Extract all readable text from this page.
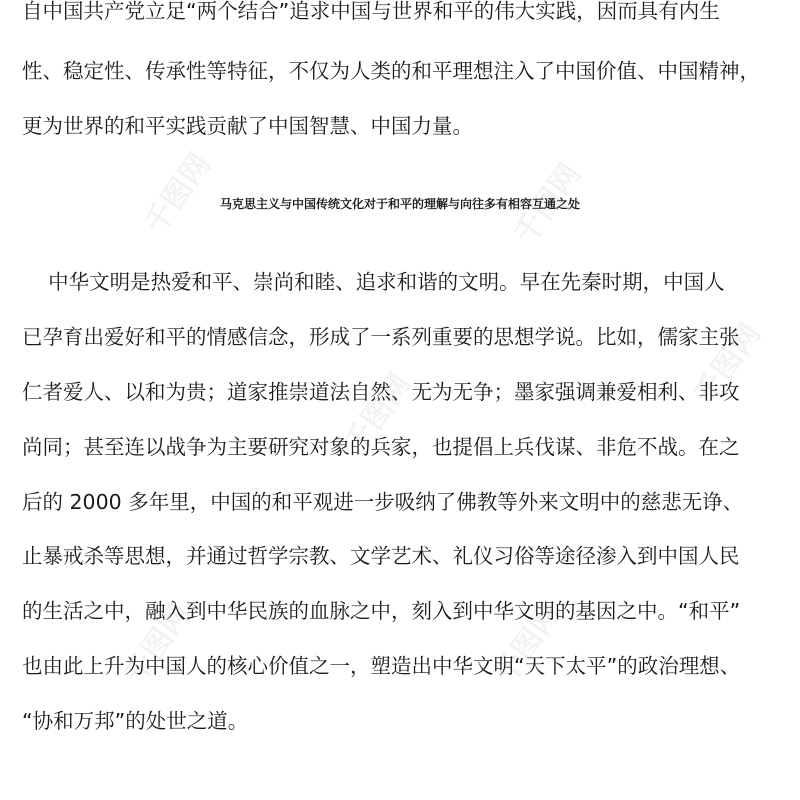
千图网	千图网
千图网
千图网
千图网	千图网
自中国共产党立足“两个结合”追求中国与世界和平的伟大实践，因而具有内生
性、稳定性、传承性等特征，不仅为人类的和平理想注入了中国价值、中国精神，
更为世界的和平实践贡献了中国智慧、中国力量。
马克思主义与中国传统文化对于和平的理解与向往多有相容互通之处
中华文明是热爱和平、崇尚和睦、追求和谐的文明。早在先秦时期，中国人
已孕育出爱好和平的情感信念，形成了一系列重要的思想学说。比如，儒家主张
仁者爱人、以和为贵；道家推崇道法自然、无为无争；墨家强调兼爱相利、非攻
尚同；甚至连以战争为主要研究对象的兵家，也提倡上兵伐谋、非危不战。在之
后的 2000 多年里，中国的和平观进一步吸纳了佛教等外来文明中的慈悲无诤、
止暴戒杀等思想，并通过哲学宗教、文学艺术、礼仪习俗等途径渗入到中国人民
的生活之中，融入到中华民族的血脉之中，刻入到中华文明的基因之中。“和平”
也由此上升为中国人的核心价值之一，塑造出中华文明“天下太平”的政治理想、
“协和万邦”的处世之道。
